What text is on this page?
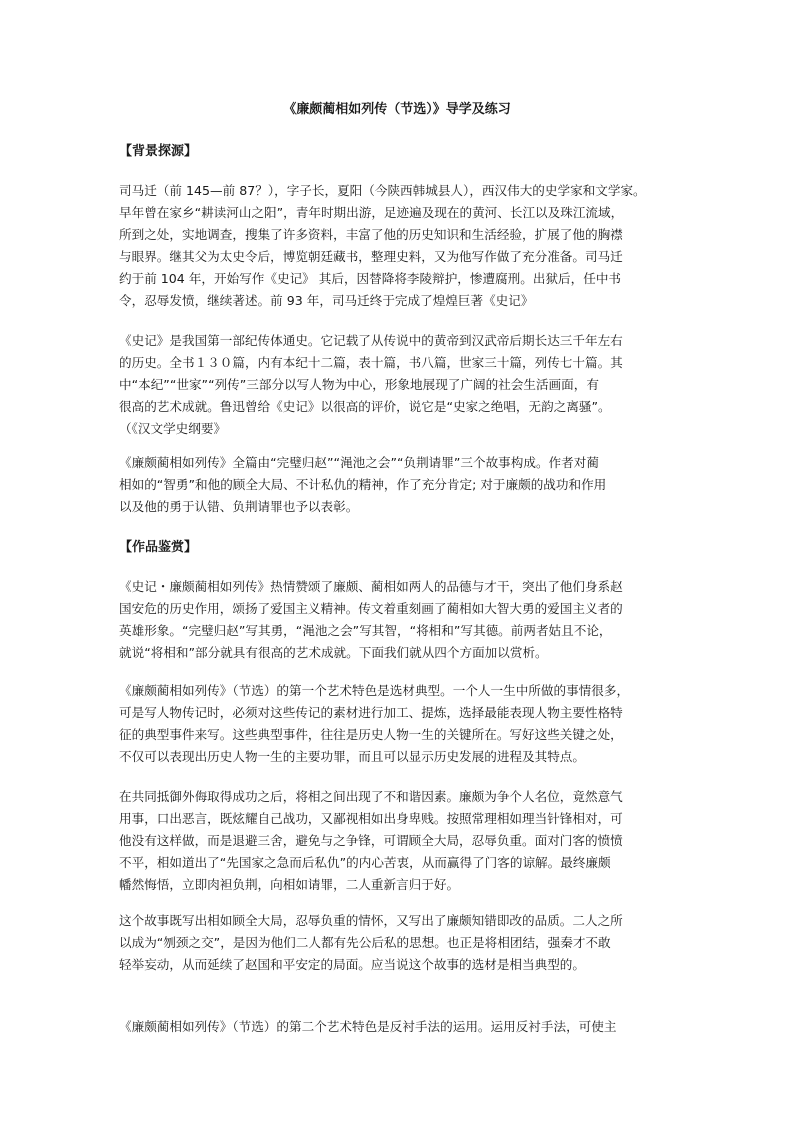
《廉颇蔺相如列传（节选）》导学及练习
【背景探源】
司马迁（前 145—前 87？），字子长，夏阳（今陕西韩城县人），西汉伟大的史学家和文学家。
早年曾在家乡“耕读河山之阳”，青年时期出游，足迹遍及现在的黄河、长江以及珠江流域，
所到之处，实地调查，搜集了许多资料，丰富了他的历史知识和生活经验，扩展了他的胸襟
与眼界。继其父为太史令后，博览朝廷藏书，整理史料，又为他写作做了充分准备。司马迁
约于前 104 年，开始写作《史记》 其后，因替降将李陵辩护，惨遭腐刑。出狱后，任中书
令，忍辱发愤，继续著述。前 93 年，司马迁终于完成了煌煌巨著《史记》
《史记》是我国第一部纪传体通史。它记载了从传说中的黄帝到汉武帝后期长达三千年左右
的历史。全书１３０篇，内有本纪十二篇，表十篇，书八篇，世家三十篇，列传七十篇。其
中“本纪”“世家”“列传”三部分以写人物为中心，形象地展现了广阔的社会生活画面，有
很高的艺术成就。鲁迅曾给《史记》以很高的评价，说它是“史家之绝唱，无韵之离骚”。
（《汉文学史纲要》
《廉颇蔺相如列传》全篇由“完璧归赵”“渑池之会”“负荆请罪”三个故事构成。作者对蔺
相如的“智勇”和他的顾全大局、不计私仇的精神，作了充分肯定; 对于廉颇的战功和作用
以及他的勇于认错、负荆请罪也予以表彰。
【作品鉴赏】
《史记・廉颇蔺相如列传》热情赞颂了廉颇、蔺相如两人的品德与才干，突出了他们身系赵
国安危的历史作用，颂扬了爱国主义精神。传文着重刻画了蔺相如大智大勇的爱国主义者的
英雄形象。“完璧归赵”写其勇，“渑池之会”写其智，“将相和”写其德。前两者姑且不论，
就说“将相和”部分就具有很高的艺术成就。下面我们就从四个方面加以赏析。
《廉颇蔺相如列传》（节选）的第一个艺术特色是选材典型。一个人一生中所做的事情很多，
可是写人物传记时，必须对这些传记的素材进行加工、提炼，选择最能表现人物主要性格特
征的典型事件来写。这些典型事件，往往是历史人物一生的关键所在。写好这些关键之处，
不仅可以表现出历史人物一生的主要功罪，而且可以显示历史发展的进程及其特点。
在共同抵御外侮取得成功之后，将相之间出现了不和谐因素。廉颇为争个人名位，竟然意气
用事，口出恶言，既炫耀自己战功，又鄙视相如出身卑贱。按照常理相如理当针锋相对，可
他没有这样做，而是退避三舍，避免与之争锋，可谓顾全大局，忍辱负重。面对门客的愤愤
不平，相如道出了“先国家之急而后私仇”的内心苦衷，从而赢得了门客的谅解。最终廉颇
幡然悔悟，立即肉袒负荆，向相如请罪，二人重新言归于好。
这个故事既写出相如顾全大局，忍辱负重的情怀，又写出了廉颇知错即改的品质。二人之所
以成为“刎颈之交”，是因为他们二人都有先公后私的思想。也正是将相团结，强秦才不敢
轻举妄动，从而延续了赵国和平安定的局面。应当说这个故事的选材是相当典型的。
《廉颇蔺相如列传》（节选）的第二个艺术特色是反衬手法的运用。运用反衬手法，可使主
